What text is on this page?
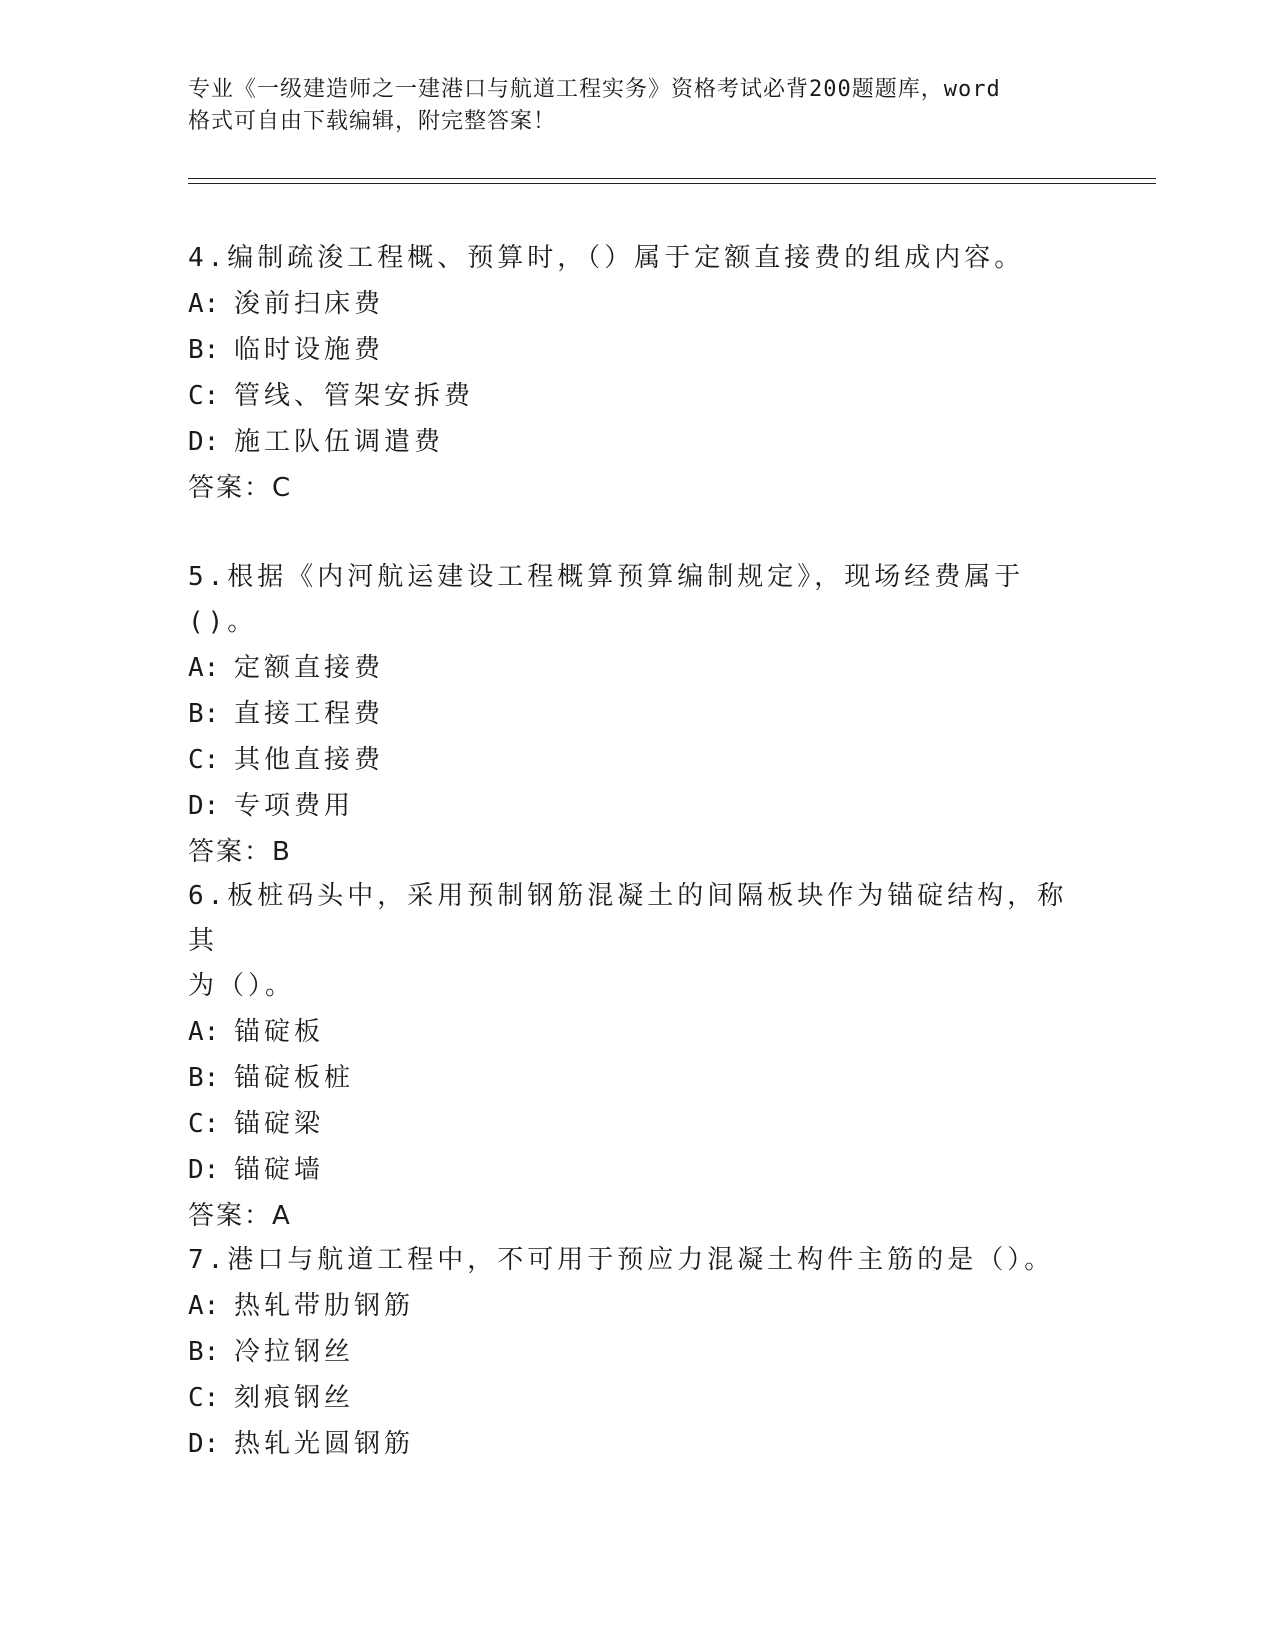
专业《一级建造师之一建港口与航道工程实务》资格考试必背200题题库，word
格式可自由下载编辑，附完整答案！

4.编制疏浚工程概、预算时，（）属于定额直接费的组成内容。

A: 浚前扫床费

B: 临时设施费

C: 管线、管架安拆费

D: 施工队伍调遣费

答案：C

5.根据《内河航运建设工程概算预算编制规定》，现场经费属于()。

A: 定额直接费

B: 直接工程费

C: 其他直接费

D: 专项费用

答案：B

6.板桩码头中，采用预制钢筋混凝土的间隔板块作为锚碇结构，称其

为（）。

A: 锚碇板

B: 锚碇板桩

C: 锚碇梁

D: 锚碇墙

答案：A

7.港口与航道工程中，不可用于预应力混凝土构件主筋的是（）。

A: 热轧带肋钢筋

B: 冷拉钢丝

C: 刻痕钢丝

D: 热轧光圆钢筋
